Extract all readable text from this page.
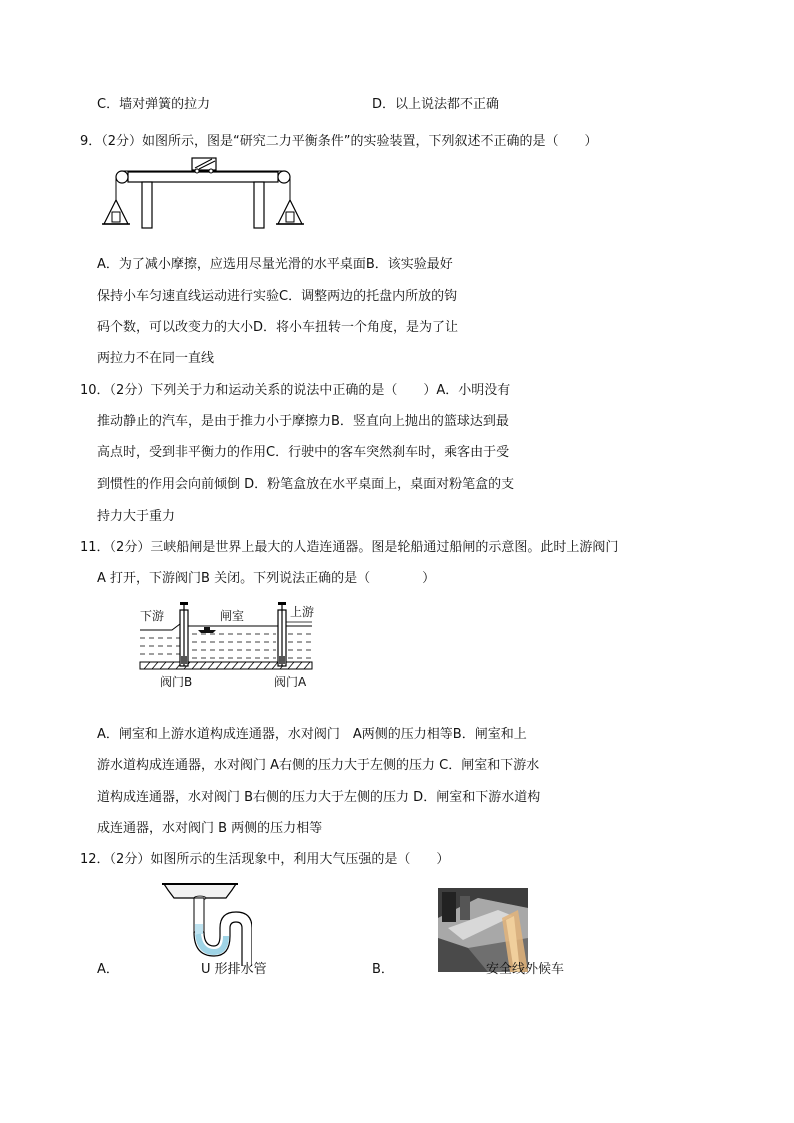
C．墙对弹簧的拉力	D．以上说法都不正确
9．（2分）如图所示，图是“研究二力平衡条件”的实验装置，下列叙述不正确的是（　　）
A．为了减小摩擦，应选用尽量光滑的水平桌面B．该实验最好
保持小车匀速直线运动进行实验C．调整两边的托盘内所放的钩
码个数，可以改变力的大小D．将小车扭转一个角度，是为了让
两拉力不在同一直线
10．（2分）下列关于力和运动关系的说法中正确的是（　　）A．小明没有
推动静止的汽车，是由于推力小于摩擦力B．竖直向上抛出的篮球达到最
高点时，受到非平衡力的作用C．行驶中的客车突然刹车时，乘客由于受
到惯性的作用会向前倾倒 D．粉笔盒放在水平桌面上，桌面对粉笔盒的支
持力大于重力
11．（2分）三峡船闸是世界上最大的人造连通器。图是轮船通过船闸的示意图。此时上游阀门
A 打开，下游阀门B 关闭。下列说法正确的是（　　　　）
下游	闸室	上游
阀门B	阀门A
A．闸室和上游水道构成连通器，水对阀门　A两侧的压力相等B．闸室和上
游水道构成连通器，水对阀门 A右侧的压力大于左侧的压力 C．闸室和下游水
道构成连通器，水对阀门 B右侧的压力大于左侧的压力 D．闸室和下游水道构
成连通器，水对阀门 B 两侧的压力相等
12．（2分）如图所示的生活现象中，利用大气压强的是（　　）
A．	U 形排水管	B．	安全线外候车
